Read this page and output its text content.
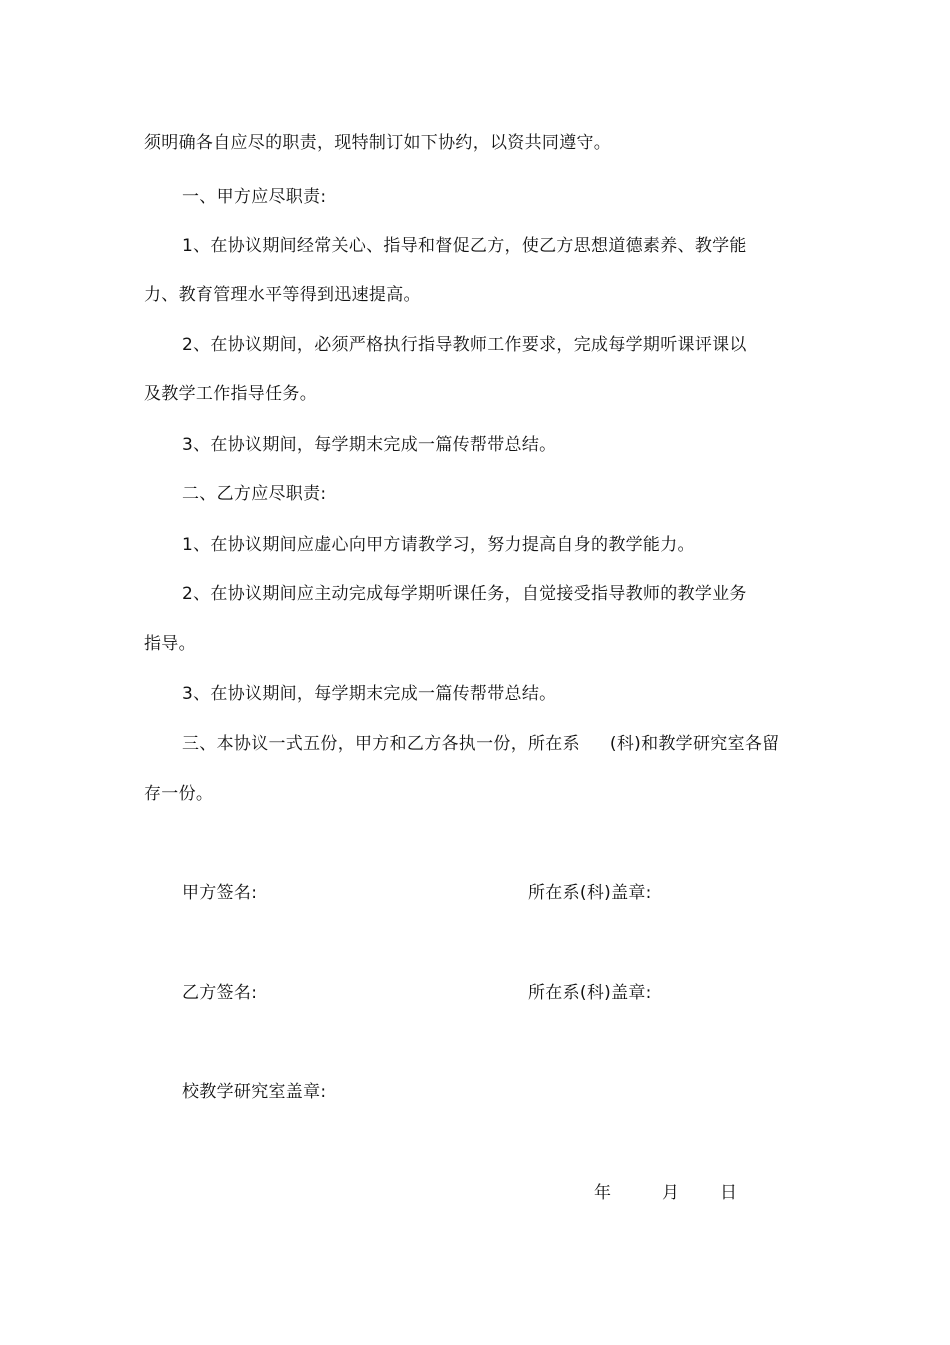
须明确各自应尽的职责，现特制订如下协约，以资共同遵守。
一、甲方应尽职责:
1、在协议期间经常关心、指导和督促乙方，使乙方思想道德素养、教学能
力、教育管理水平等得到迅速提高。
2、在协议期间，必须严格执行指导教师工作要求，完成每学期听课评课以
及教学工作指导任务。
3、在协议期间，每学期末完成一篇传帮带总结。
二、乙方应尽职责:
1、在协议期间应虚心向甲方请教学习，努力提高自身的教学能力。
2、在协议期间应主动完成每学期听课任务，自觉接受指导教师的教学业务
指导。
3、在协议期间，每学期末完成一篇传帮带总结。
三、本协议一式五份，甲方和乙方各执一份，所在系 (科)和教学研究室各留
存一份。
甲方签名:	所在系(科)盖章:
乙方签名:	所在系(科)盖章:
校教学研究室盖章:
年	月 日
